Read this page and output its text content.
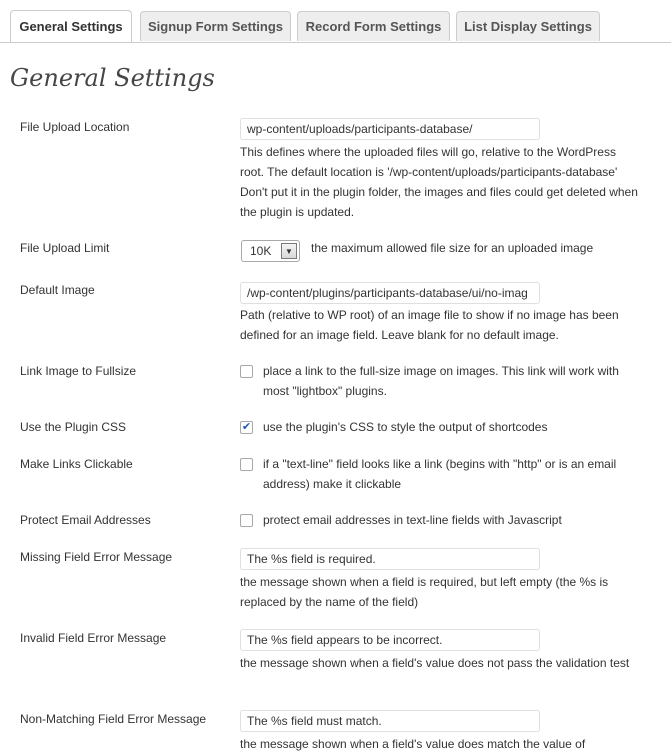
General Settings Signup Form Settings Record Form Settings List Display Settings
General Settings
File Upload Location	wp-content/uploads/participants-database/
This defines where the uploaded files will go, relative to the WordPress root. The default location is '/wp-content/uploads/participants-database' Don't put it in the plugin folder, the images and files could get deleted when the plugin is updated.
File Upload Limit	10K	▼	the maximum allowed file size for an uploaded image
Default Image	/wp-content/plugins/participants-database/ui/no-imag
Path (relative to WP root) of an image file to show if no image has been defined for an image field. Leave blank for no default image.
Link Image to Fullsize	place a link to the full-size image on images. This link will work with most "lightbox" plugins.
Use the Plugin CSS	✔ use the plugin's CSS to style the output of shortcodes
Make Links Clickable	if a "text-line" field looks like a link (begins with "http" or is an email address) make it clickable
Protect Email Addresses	protect email addresses in text-line fields with Javascript
Missing Field Error Message	The %s field is required.
the message shown when a field is required, but left empty (the %s is replaced by the name of the field)
Invalid Field Error Message	The %s field appears to be incorrect.
the message shown when a field's value does not pass the validation test
Non-Matching Field Error Message	The %s field must match.
the message shown when a field's value does match the value of
